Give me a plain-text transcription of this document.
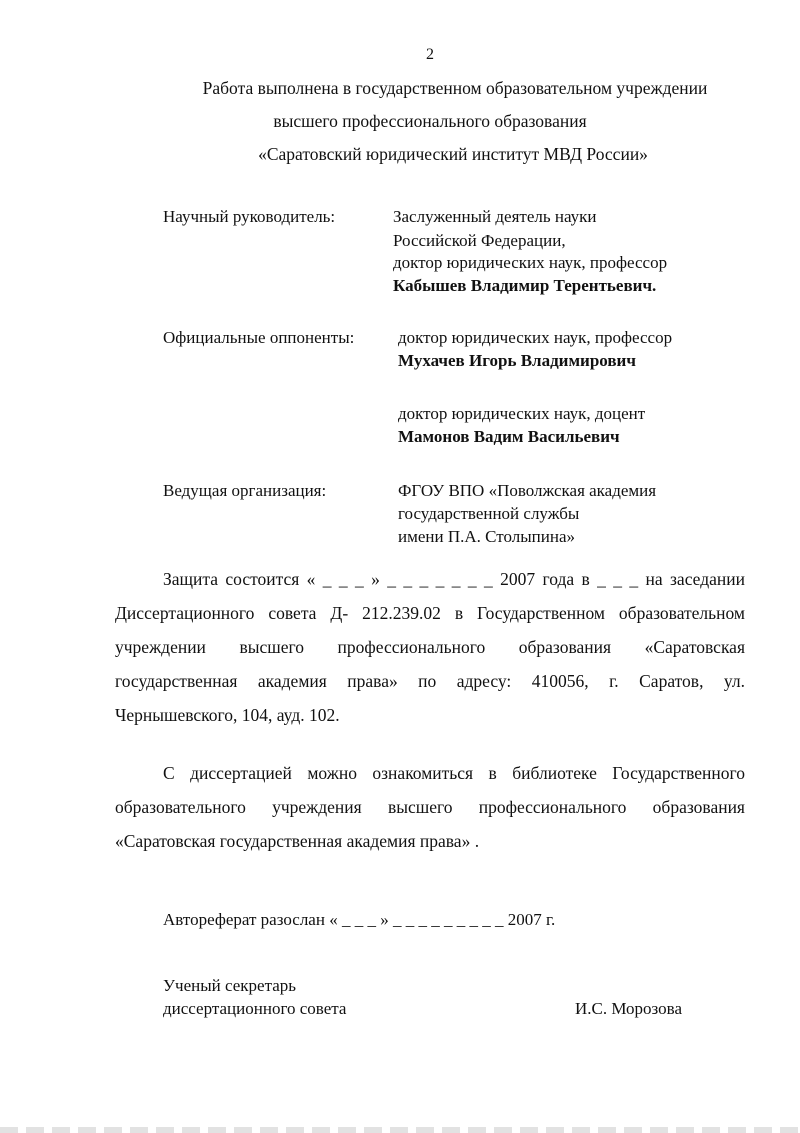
2
Работа выполнена в государственном образовательном учреждении
высшего профессионального образования
«Саратовский юридический институт МВД России»
Научный руководитель:	Заслуженный деятель науки
Российской Федерации,
доктор юридических наук, профессор
Кабышев Владимир Терентьевич.
Официальные оппоненты:	доктор юридических наук, профессор
Мухачев Игорь Владимирович
доктор юридических наук, доцент
Мамонов Вадим Васильевич
Ведущая организация:	ФГОУ ВПО «Поволжская академия
государственной службы
имени П.А. Столыпина»
Защита состоится « _ _ _ » _ _ _ _ _ _ _ 2007 года в _ _ _ на заседании
Диссертационного совета Д- 212.239.02 в Государственном образовательном
учреждении высшего профессионального образования «Саратовская
государственная академия права» по адресу: 410056, г. Саратов, ул.
Чернышевского, 104, ауд. 102.
С диссертацией можно ознакомиться в библиотеке Государственного
образовательного учреждения высшего профессионального образования
«Саратовская государственная академия права» .
Автореферат разослан « _ _ _ » _ _ _ _ _ _ _ _ _ 2007 г.
Ученый секретарь
диссертационного совета	И.С. Морозова
